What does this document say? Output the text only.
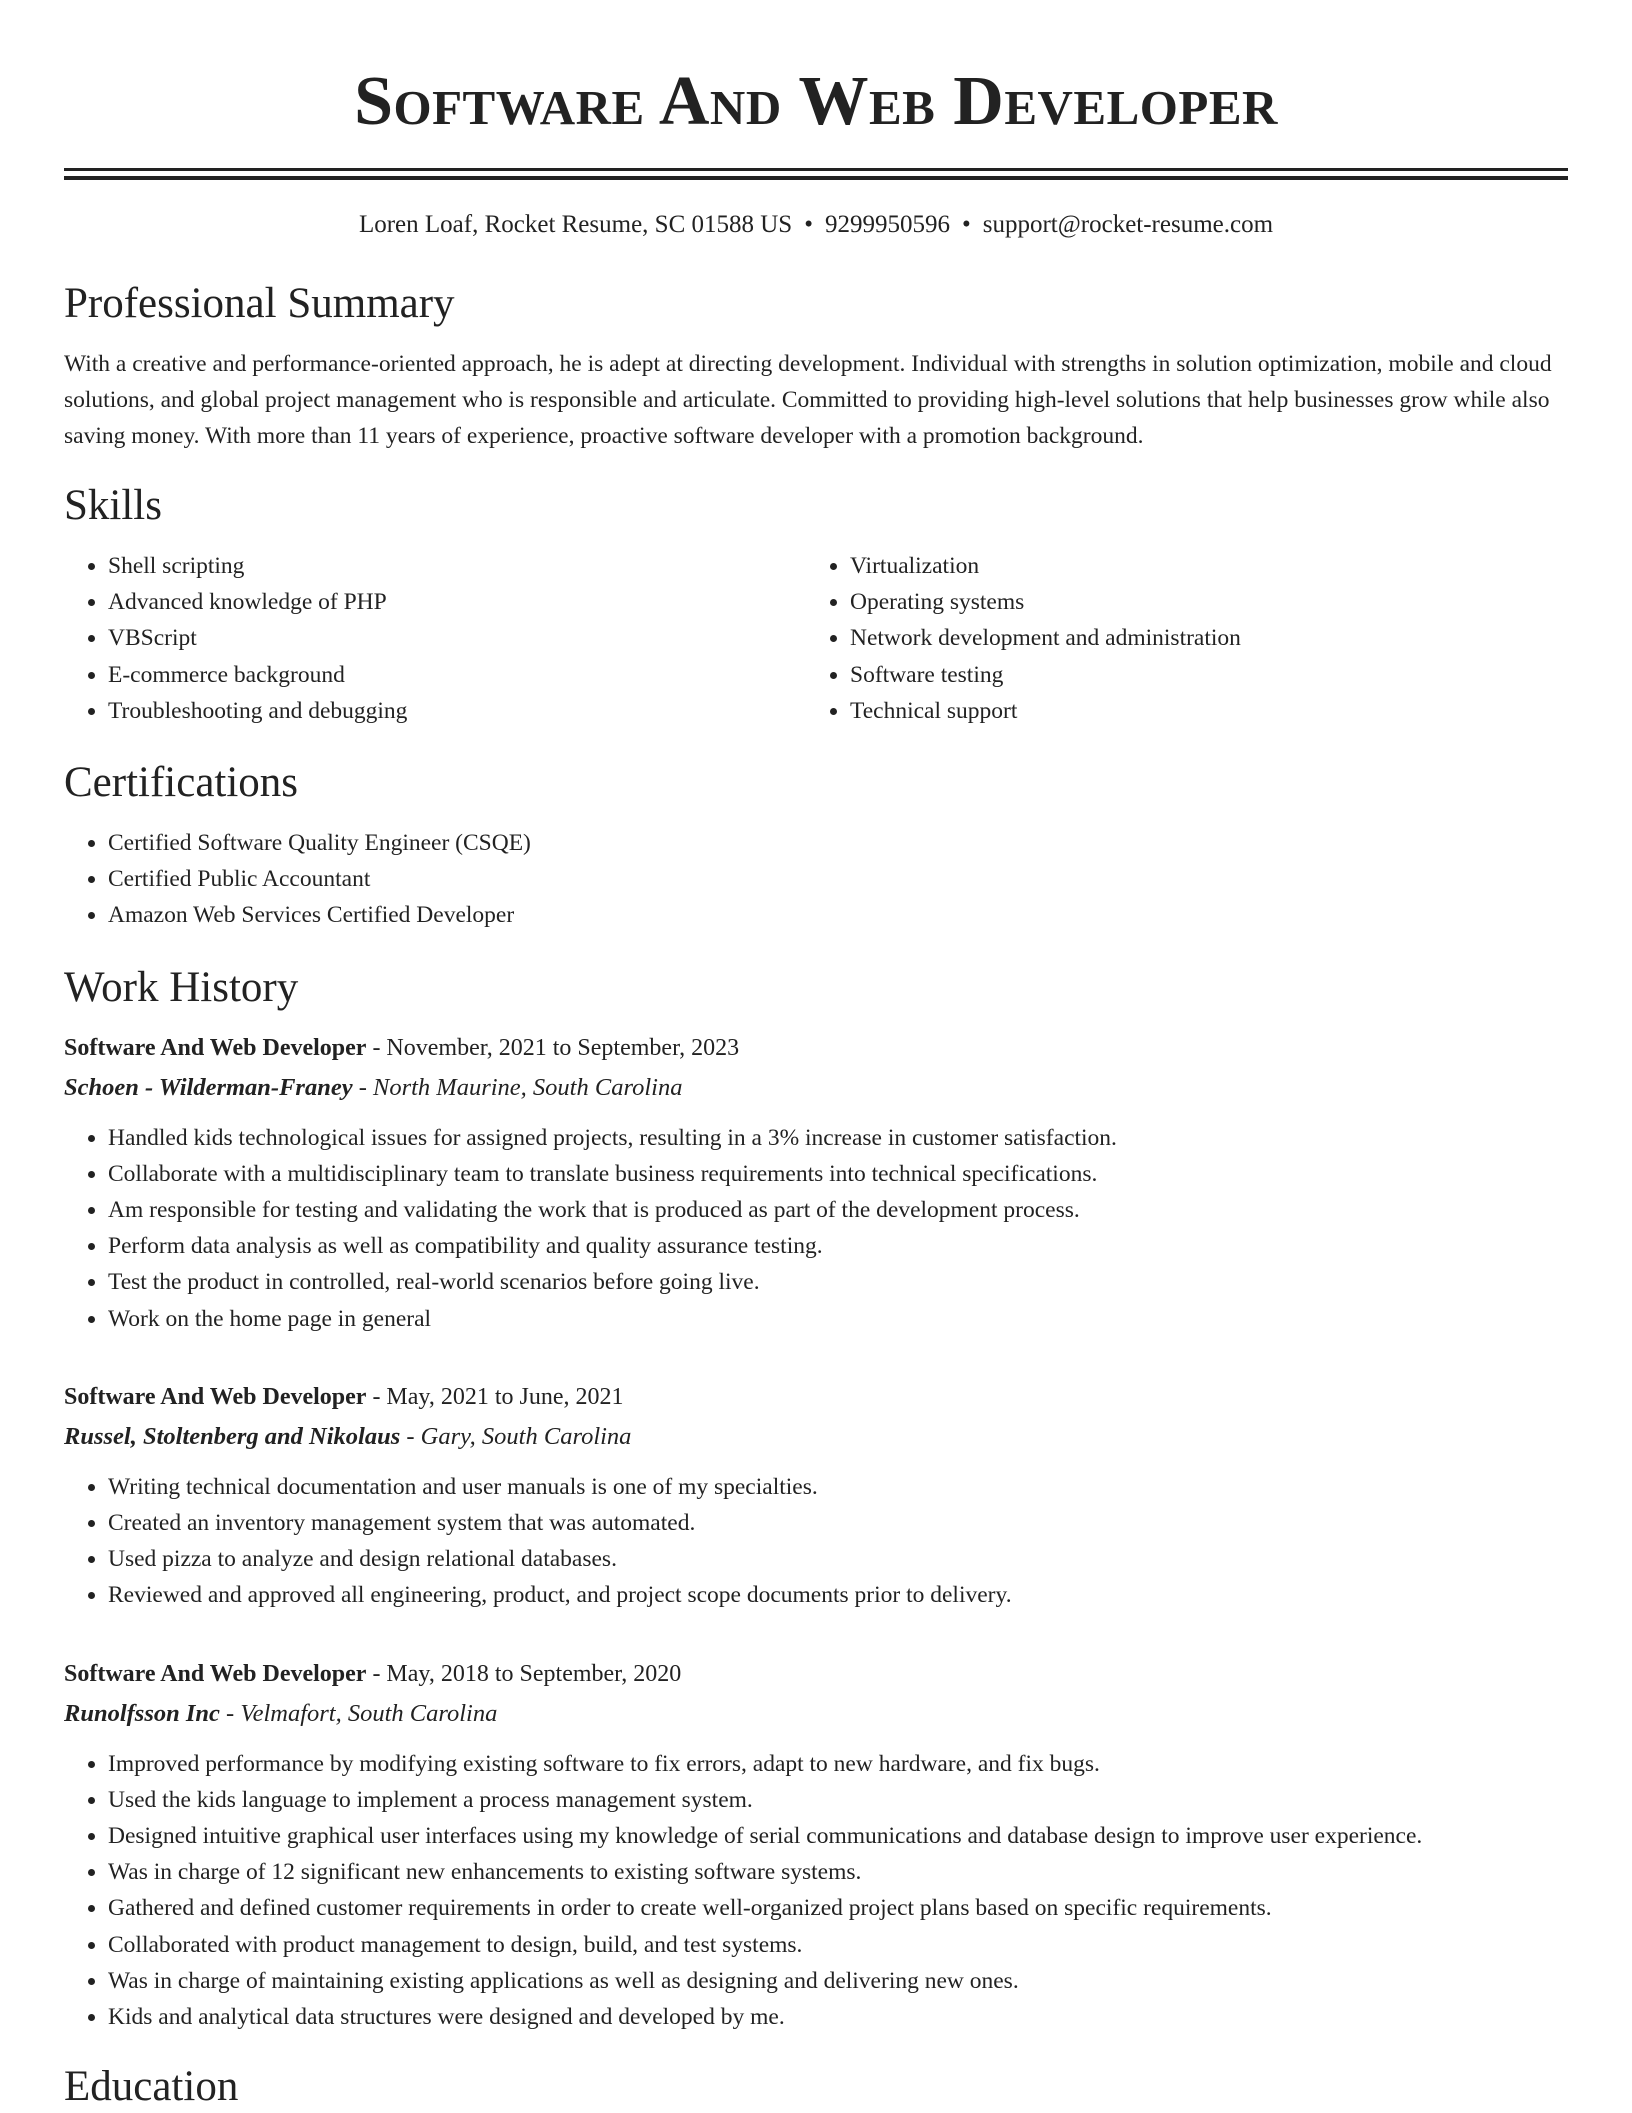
Software And Web Developer
Loren Loaf, Rocket Resume, SC 01588 US • 9299950596 • support@rocket-resume.com
Professional Summary
With a creative and performance-oriented approach, he is adept at directing development. Individual with strengths in solution optimization, mobile and cloud solutions, and global project management who is responsible and articulate. Committed to providing high-level solutions that help businesses grow while also saving money. With more than 11 years of experience, proactive software developer with a promotion background.
Skills
• Shell scripting
• Advanced knowledge of PHP
• VBScript
• E-commerce background
• Troubleshooting and debugging
• Virtualization
• Operating systems
• Network development and administration
• Software testing
• Technical support
Certifications
• Certified Software Quality Engineer (CSQE)
• Certified Public Accountant
• Amazon Web Services Certified Developer
Work History
Software And Web Developer - November, 2021 to September, 2023
Schoen - Wilderman-Franey - North Maurine, South Carolina
• Handled kids technological issues for assigned projects, resulting in a 3% increase in customer satisfaction.
• Collaborate with a multidisciplinary team to translate business requirements into technical specifications.
• Am responsible for testing and validating the work that is produced as part of the development process.
• Perform data analysis as well as compatibility and quality assurance testing.
• Test the product in controlled, real-world scenarios before going live.
• Work on the home page in general
Software And Web Developer - May, 2021 to June, 2021
Russel, Stoltenberg and Nikolaus - Gary, South Carolina
• Writing technical documentation and user manuals is one of my specialties.
• Created an inventory management system that was automated.
• Used pizza to analyze and design relational databases.
• Reviewed and approved all engineering, product, and project scope documents prior to delivery.
Software And Web Developer - May, 2018 to September, 2020
Runolfsson Inc - Velmafort, South Carolina
• Improved performance by modifying existing software to fix errors, adapt to new hardware, and fix bugs.
• Used the kids language to implement a process management system.
• Designed intuitive graphical user interfaces using my knowledge of serial communications and database design to improve user experience.
• Was in charge of 12 significant new enhancements to existing software systems.
• Gathered and defined customer requirements in order to create well-organized project plans based on specific requirements.
• Collaborated with product management to design, build, and test systems.
• Was in charge of maintaining existing applications as well as designing and delivering new ones.
• Kids and analytical data structures were designed and developed by me.
Education
